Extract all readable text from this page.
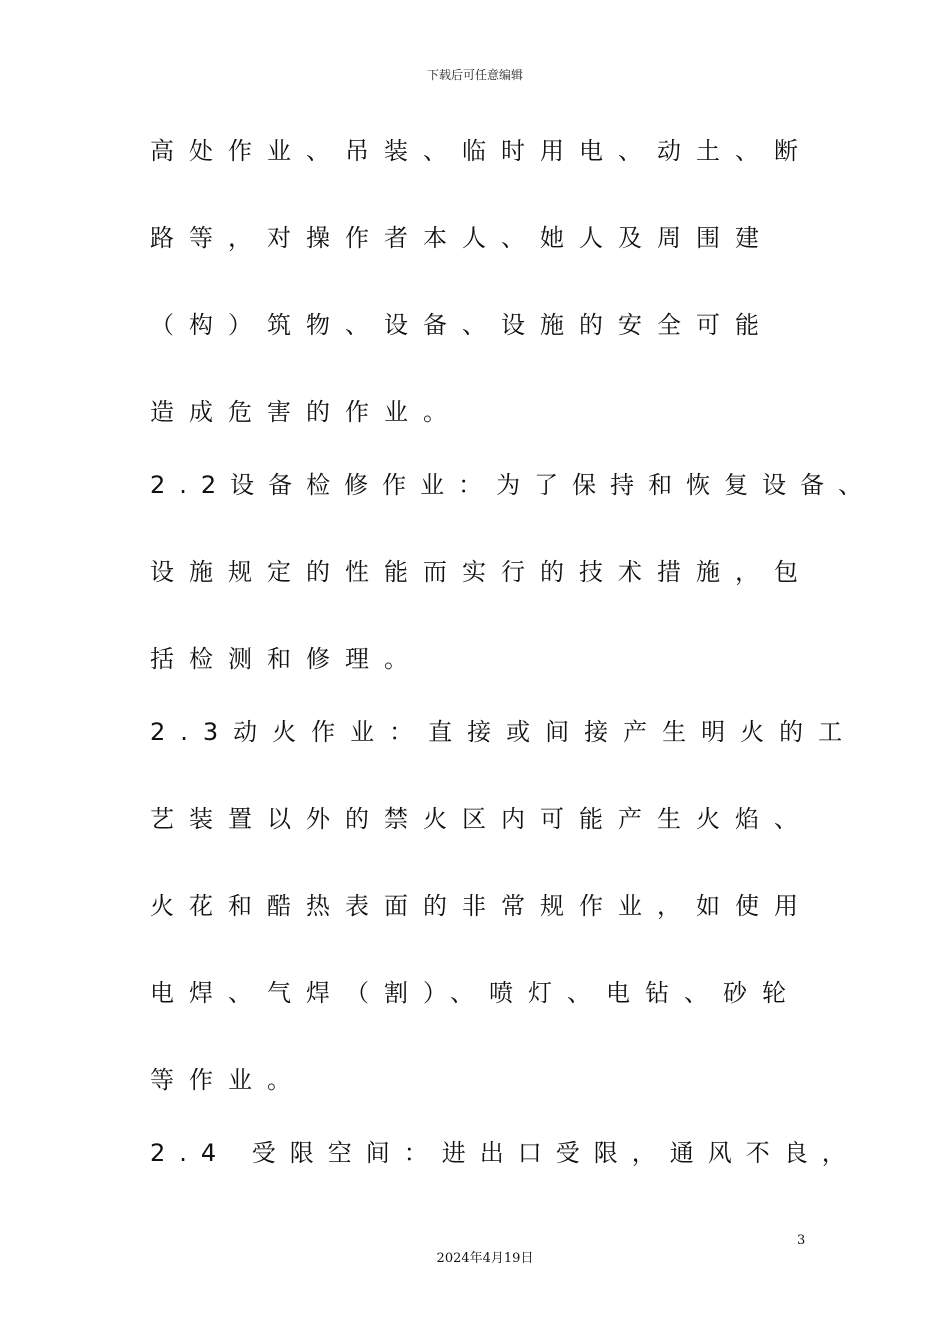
下载后可任意编辑
高处作业、吊装、临时用电、动土、断
路等，对操作者本人、她人及周围建
（构）筑物、设备、设施的安全可能
造成危害的作业。
2.2设备检修作业：为了保持和恢复设备、
设施规定的性能而实行的技术措施，包
括检测和修理。
2.3动火作业：直接或间接产生明火的工
艺装置以外的禁火区内可能产生火焰、
火花和酷热表面的非常规作业，如使用
电焊、气焊（割）、喷灯、电钻、砂轮
等作业。
2.4 受限空间：进出口受限，通风不良，
3
2024年4月19日
